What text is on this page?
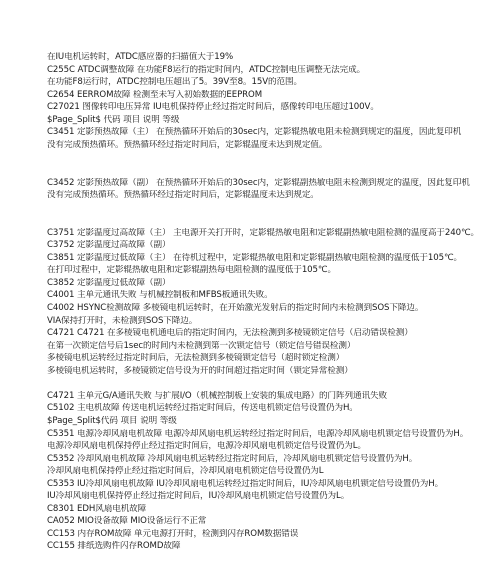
在IU电机运转时，ATDC感应器的扫描值大于19%
C255C ATDC调整故障 在功能F8运行的指定时间内，ATDC控制电压调整无法完成。
在功能F8运行时，ATDC控制电压超出了5。39V至8。15V的范围。
C2654 EERROM故障 检测至未写入初始数据的EEPROM
C27021 图像转印电压异常 IU电机保持停止经过指定时间后，感像转印电压超过100V。
$Page_Split$ 代码 项目 说明 等级
C3451 定影预热故障（主） 在预热循环开始后的30sec内，定影辊热敏电阻未检测到规定的温度，因此复印机
没有完成预热循环。预热循环经过指定时间后，定影辊温度未达到规定值。
C3452 定影预热故障（副） 在预热循环开始后的30sec内，定影辊副热敏电阻未检测到规定的温度，因此复印机
没有完成预热循环。预热循环经过指定时间后，定影辊温度未达到规定。
C3751 定影温度过高故障（主） 主电源开关打开时，定影辊热敏电阻和定影辊副热敏电阻检测的温度高于240℃。
C3752 定影温度过高故障（副）
C3851 定影温度过低故障（主） 在待机过程中，定影辊热敏电阻和定影辊副热敏电阻检测的温度低于105℃。
在打印过程中，定影辊热敏电阻和定影辊副热每电阻检测的温度低于105℃。
C3852 定影温度过低故障（副）
C4001 主单元通讯失败 与机械控制板和MFBS板通讯失败。
C4002 HSYNC检测故障 多棱镜电机运转时，在开始激光发射后的指定时间内未检测到SOS下降边。
VIA保持打开时，未检测到SOS下降边。
C4721 C4721 在多棱镜电机通电后的指定时间内，无法检测到多棱镜锁定信号（启动错误检测）
在第一次锁定信号后1sec的时间内未检测到第一次锁定信号（锁定信号错误检测）
多棱镜电机运转经过指定时间后，无法检测到多棱镜锁定信号（超时锁定检测）
多棱镜电机运转时，多棱镜锁定信号设为开的时间超过指定时间（锁定异常检测）
C4721 主单元G/A通讯失败 与扩展I/O（机械控制板上安装的集成电路）的门阵列通讯失败
C5102 主电机故障 传送电机运转经过指定时间后，传送电机锁定信号设置仍为H。
$Page_Split$代码 项目 说明 等级
C5351 电源冷却风扇电机故障 电源冷却风扇电机运转经过指定时间后，电源冷却风扇电机锁定信号设置仍为H。
电源冷却风扇电机保持停止经过指定时间后，电源冷却风扇电机锁定信号设置仍为L。
C5352 冷却风扇电机故障 冷却风扇电机运转经过指定时间后，冷却风扇电机锁定信号设置仍为H。
冷却风扇电机保持停止经过指定时间后，冷却风扇电机锁定信号设置仍为L
C5353 IU冷却风扇电机故障 IU冷却风扇电机运转经过指定时间后，IU冷却风扇电机锁定信号设置仍为H。
IU冷却风扇电机保持停止经过指定时间后，IU冷却风扇电机锁定信号设置仍为L。
C8301 EDH风扇电机故障
CA052 MIO设备故障 MIO设备运行不正常
CC153 内存ROM故障 单元电源打开时，检测到闪存ROM数据错误
CC155 排纸选购件闪存ROMD故障
